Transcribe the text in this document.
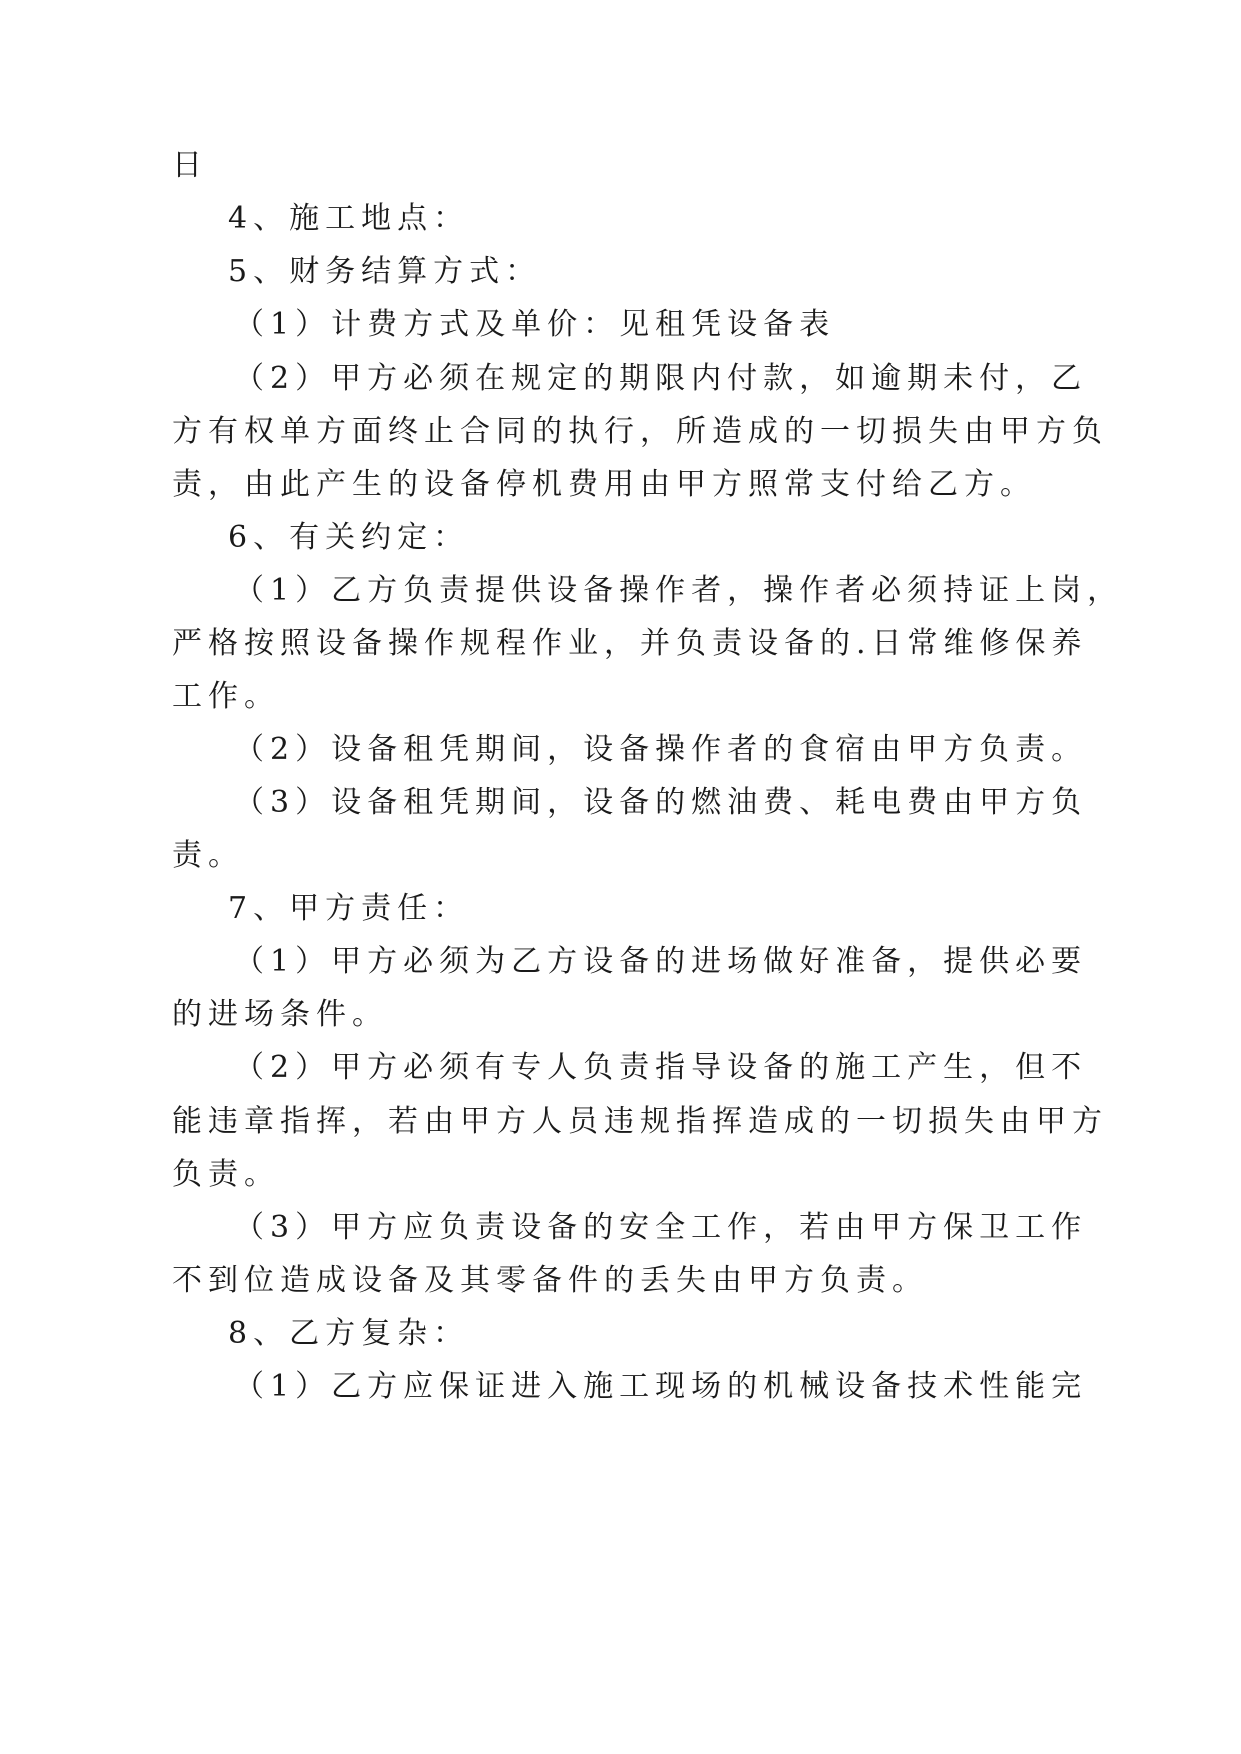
日
4、施工地点：
5、财务结算方式：
（1）计费方式及单价：见租凭设备表
（2）甲方必须在规定的期限内付款，如逾期未付，乙
方有权单方面终止合同的执行，所造成的一切损失由甲方负
责，由此产生的设备停机费用由甲方照常支付给乙方。
6、有关约定：
（1）乙方负责提供设备操作者，操作者必须持证上岗，
严格按照设备操作规程作业，并负责设备的.日常维修保养
工作。
（2）设备租凭期间，设备操作者的食宿由甲方负责。
（3）设备租凭期间，设备的燃油费、耗电费由甲方负
责。
7、甲方责任：
（1）甲方必须为乙方设备的进场做好准备，提供必要
的进场条件。
（2）甲方必须有专人负责指导设备的施工产生，但不
能违章指挥，若由甲方人员违规指挥造成的一切损失由甲方
负责。
（3）甲方应负责设备的安全工作，若由甲方保卫工作
不到位造成设备及其零备件的丢失由甲方负责。
8、乙方复杂：
（1）乙方应保证进入施工现场的机械设备技术性能完
